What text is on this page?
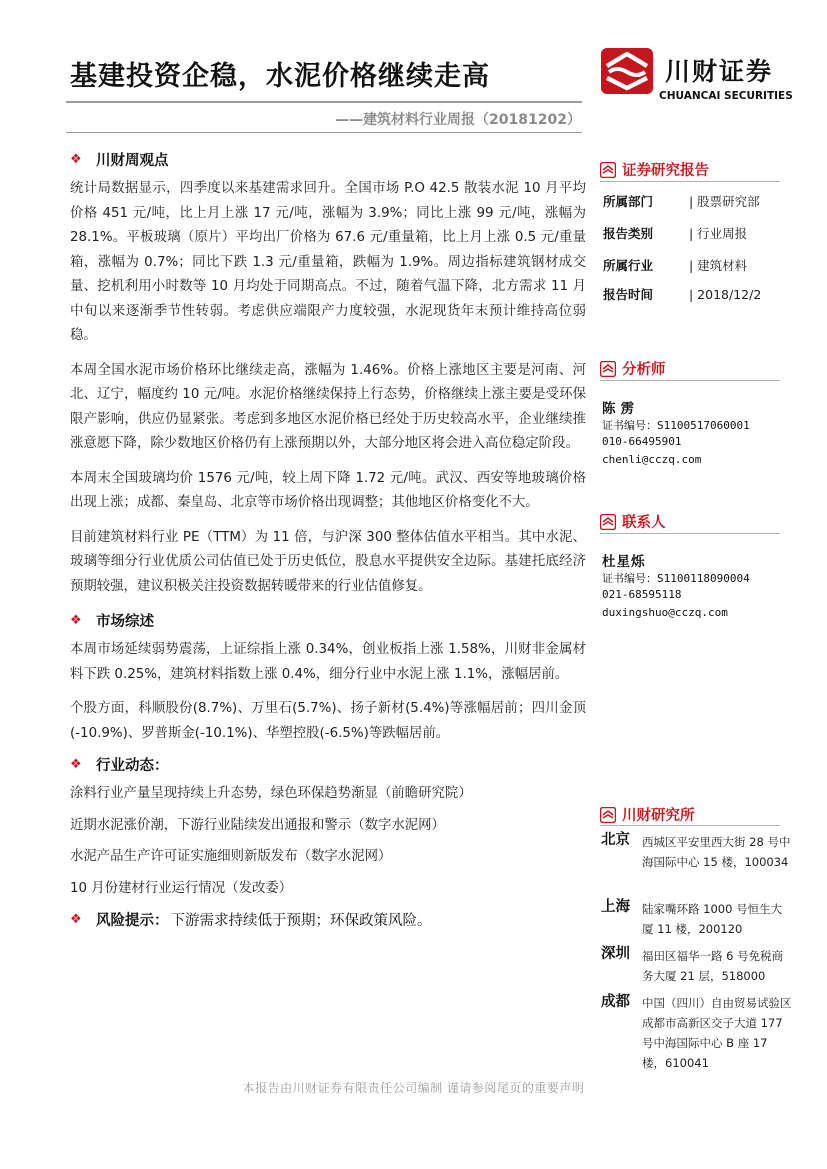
基建投资企稳，水泥价格继续走高
——建筑材料行业周报（20181202）
川财证券
CHUANCAI SECURITIES
❖ 川财周观点

统计局数据显示，四季度以来基建需求回升。全国市场 P.O 42.5 散装水泥 10 月平均价格 451 元/吨，比上月上涨 17 元/吨，涨幅为 3.9%；同比上涨 99 元/吨，涨幅为 28.1%。平板玻璃（原片）平均出厂价格为 67.6 元/重量箱，比上月上涨 0.5 元/重量箱，涨幅为 0.7%；同比下跌 1.3 元/重量箱，跌幅为 1.9%。周边指标建筑钢材成交量、挖机利用小时数等 10 月均处于同期高点。不过，随着气温下降，北方需求 11 月中旬以来逐渐季节性转弱。考虑供应端限产力度较强，水泥现货年末预计维持高位弱稳。

本周全国水泥市场价格环比继续走高，涨幅为 1.46%。价格上涨地区主要是河南、河北、辽宁，幅度约 10 元/吨。水泥价格继续保持上行态势，价格继续上涨主要是受环保限产影响，供应仍显紧张。考虑到多地区水泥价格已经处于历史较高水平，企业继续推涨意愿下降，除少数地区价格仍有上涨预期以外，大部分地区将会进入高位稳定阶段。

本周末全国玻璃均价 1576 元/吨，较上周下降 1.72 元/吨。武汉、西安等地玻璃价格出现上涨；成都、秦皇岛、北京等市场价格出现调整；其他地区价格变化不大。

目前建筑材料行业 PE（TTM）为 11 倍，与沪深 300 整体估值水平相当。其中水泥、玻璃等细分行业优质公司估值已处于历史低位，股息水平提供安全边际。基建托底经济预期较强，建议积极关注投资数据转暖带来的行业估值修复。

❖ 市场综述

本周市场延续弱势震荡，上证综指上涨 0.34%，创业板指上涨 1.58%，川财非金属材料下跌 0.25%，建筑材料指数上涨 0.4%，细分行业中水泥上涨 1.1%，涨幅居前。

个股方面，科顺股份(8.7%)、万里石(5.7%)、扬子新材(5.4%)等涨幅居前；四川金顶(-10.9%)、罗普斯金(-10.1%)、华塑控股(-6.5%)等跌幅居前。

❖ 行业动态：

涂料行业产量呈现持续上升态势，绿色环保趋势渐显（前瞻研究院）

近期水泥涨价潮，下游行业陆续发出通报和警示（数字水泥网）

水泥产品生产许可证实施细则新版发布（数字水泥网）

10 月份建材行业运行情况（发改委）

❖ 风险提示： 下游需求持续低于预期；环保政策风险。
证券研究报告
所属部门	| 股票研究部
报告类别	| 行业周报
所属行业	| 建筑材料
报告时间	| 2018/12/2
分析师
陈雳
证书编号：S1100517060001
010-66495901
chenli@cczq.com
联系人
杜星烁
证书编号：S1100118090004
021-68595118
duxingshuo@cczq.com
川财研究所
北京 西城区平安里西大街 28 号中海国际中心 15 楼，100034
上海 陆家嘴环路 1000 号恒生大厦 11 楼，200120
深圳 福田区福华一路 6 号免税商务大厦 21 层，518000
成都 中国（四川）自由贸易试验区成都市高新区交子大道 177 号中海国际中心 B 座 17 楼，610041
本报告由川财证券有限责任公司编制 谨请参阅尾页的重要声明
